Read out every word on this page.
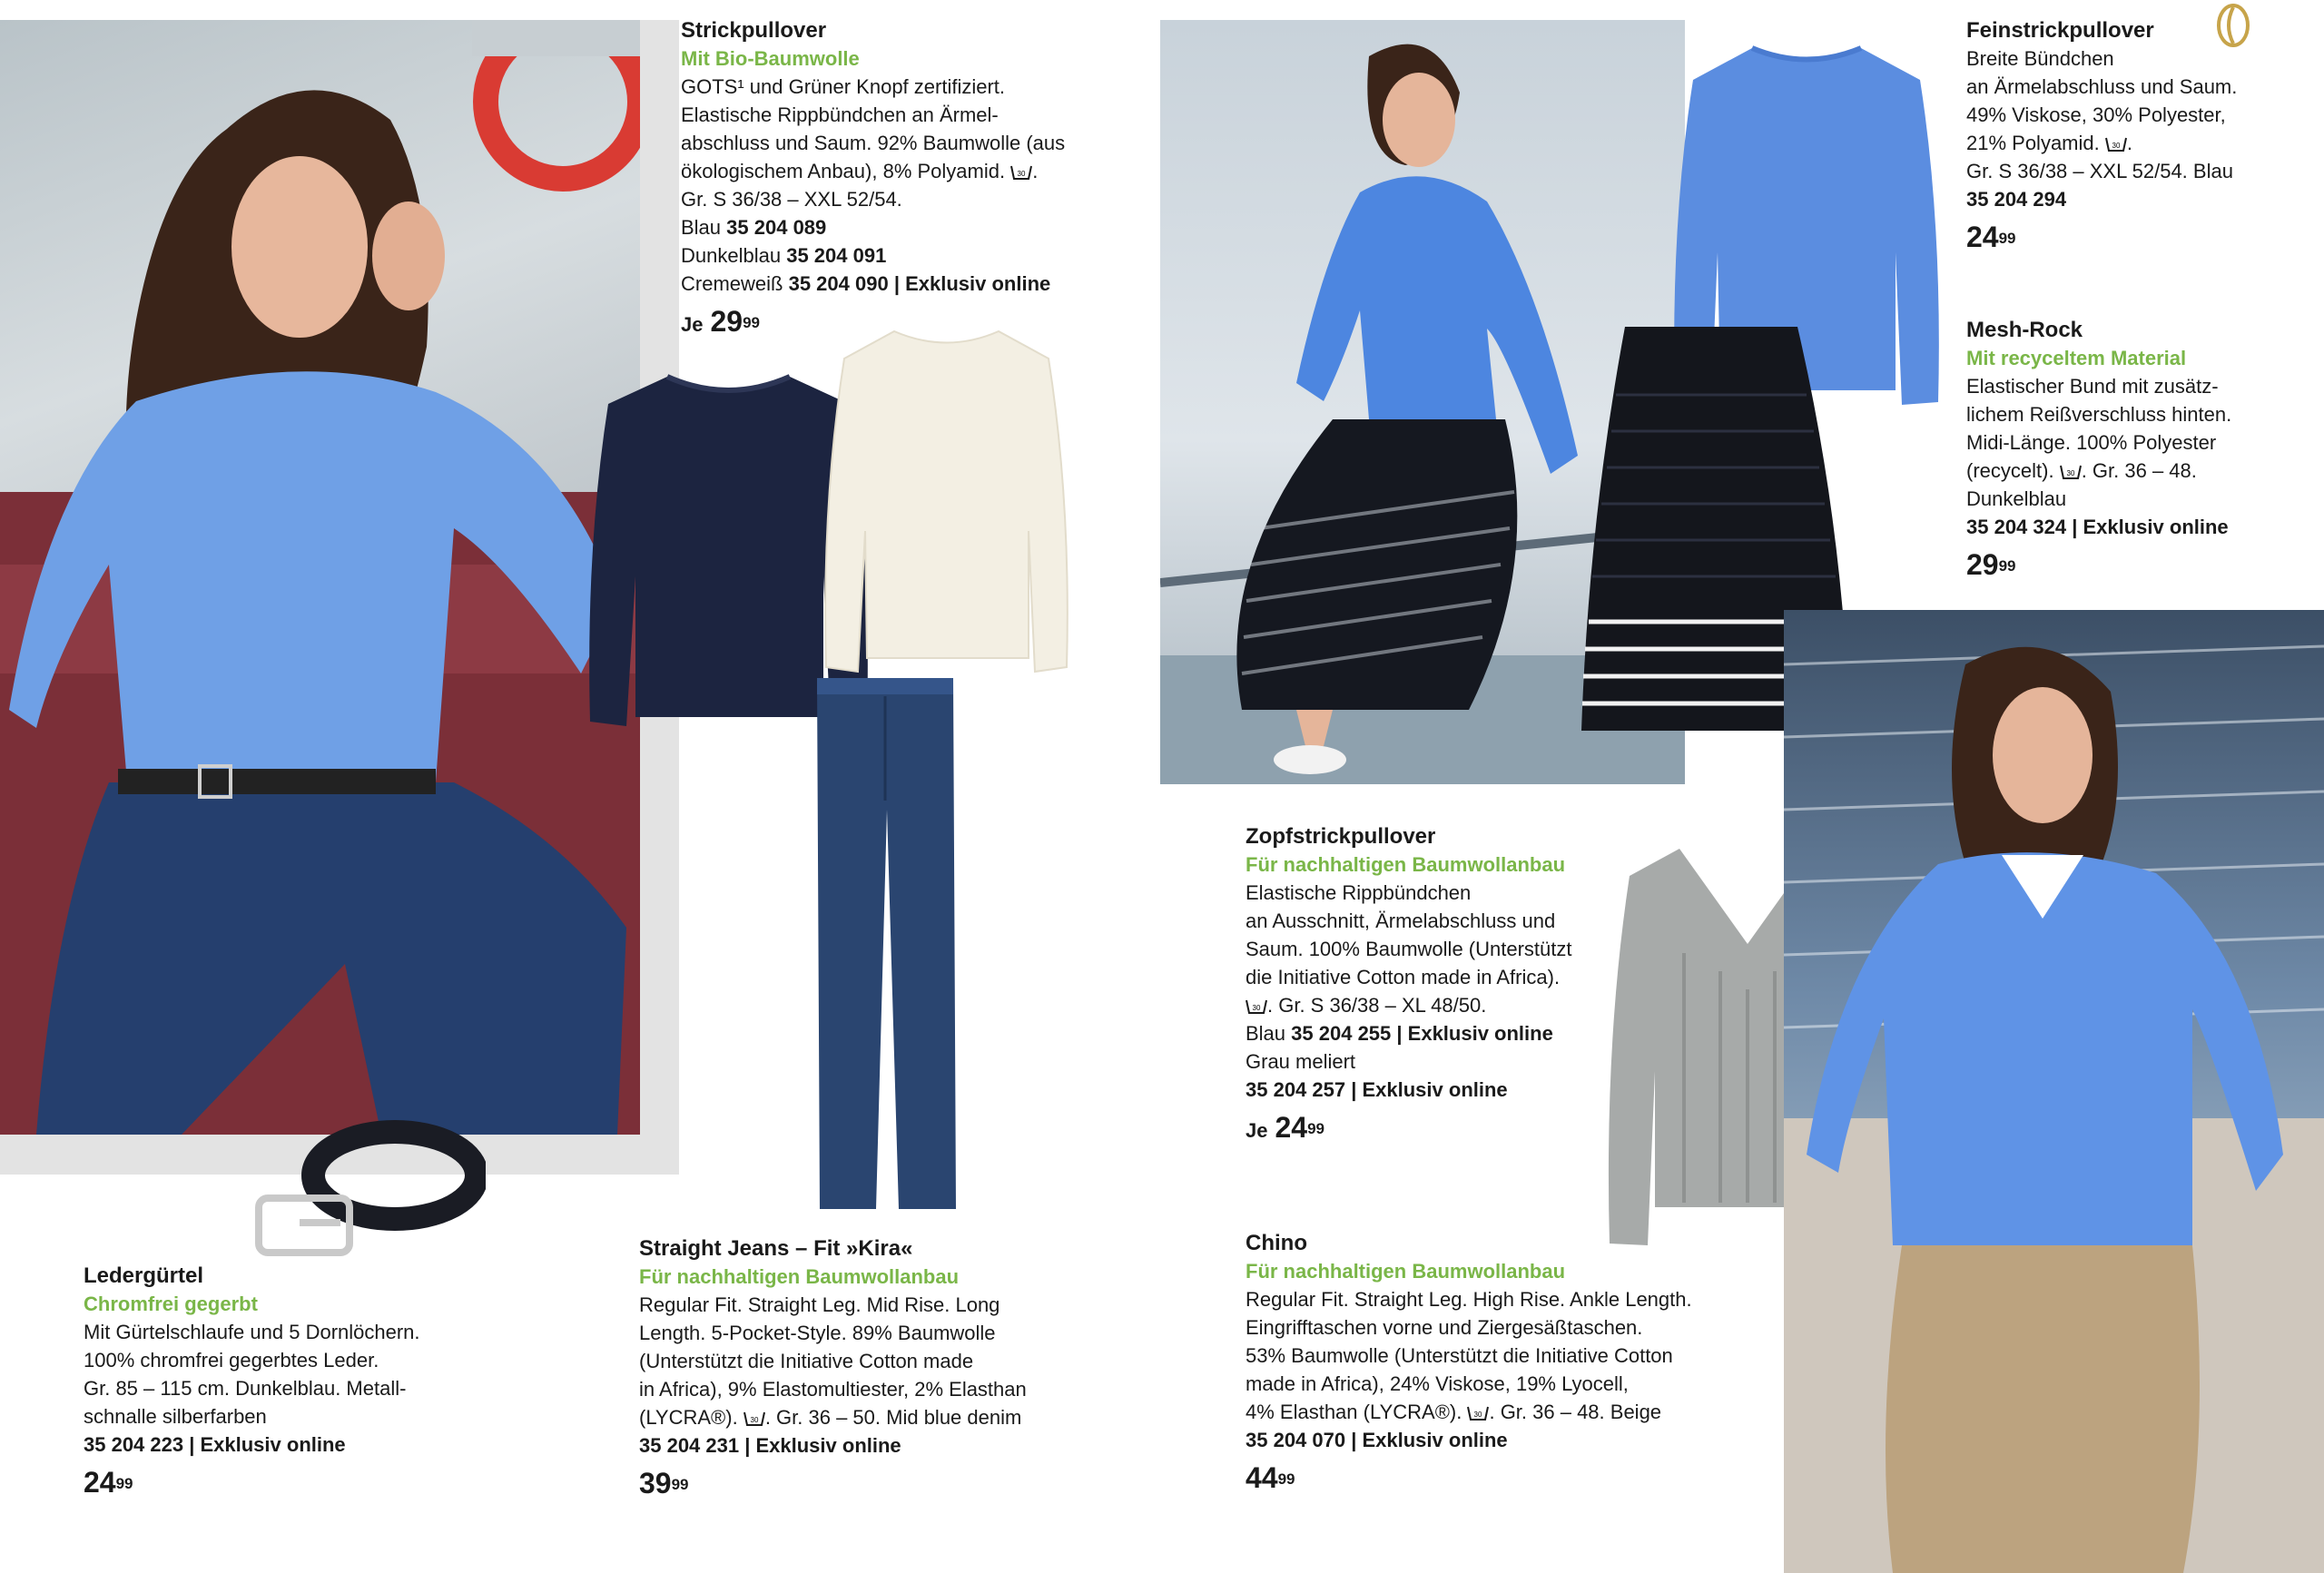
Strickpullover
Mit Bio-Baumwolle
GOTS¹ und Grüner Knopf zertifiziert.
Elastische Rippbündchen an Ärmel-
abschluss und Saum. 92% Baumwolle (aus
ökologischem Anbau), 8% Polyamid. 30 .
Gr. S 36/38 – XXL 52/54.
Blau 35 204 089
Dunkelblau 35 204 091
Cremeweiß 35 204 090 | Exklusiv online
Je $29^{99}$
Feinstrickpullover
Breite Bündchen
an Ärmelabschluss und Saum.
49% Viskose, 30% Polyester,
21% Polyamid. 30 .
Gr. S 36/38 – XXL 52/54. Blau
35 204 294
$24^{99}$
Mesh-Rock
Mit recyceltem Material
Elastischer Bund mit zusätz-
lichem Reißverschluss hinten.
Midi-Länge. 100% Polyester
(recycelt). 30 . Gr. 36 – 48.
Dunkelblau
35 204 324 | Exklusiv online
$29^{99}$
Zopfstrickpullover
Für nachhaltigen Baumwollanbau
Elastische Rippbündchen
an Ausschnitt, Ärmelabschluss und
Saum. 100% Baumwolle (Unterstützt
die Initiative Cotton made in Africa).
30 . Gr. S 36/38 – XL 48/50.
Blau 35 204 255 | Exklusiv online
Grau meliert
35 204 257 | Exklusiv online
Je $24^{99}$
Chino
Für nachhaltigen Baumwollanbau
Regular Fit. Straight Leg. High Rise. Ankle Length.
Eingrifftaschen vorne und Ziergesäßtaschen.
53% Baumwolle (Unterstützt die Initiative Cotton
made in Africa), 24% Viskose, 19% Lyocell,
4% Elasthan (LYCRA®). 30 . Gr. 36 – 48. Beige
35 204 070 | Exklusiv online
$44^{99}$
Ledergürtel
Chromfrei gegerbt
Mit Gürtelschlaufe und 5 Dornlöchern.
100% chromfrei gegerbtes Leder.
Gr. 85 – 115 cm. Dunkelblau. Metall-
schnalle silberfarben
35 204 223 | Exklusiv online
$24^{99}$
Straight Jeans – Fit »Kira«
Für nachhaltigen Baumwollanbau
Regular Fit. Straight Leg. Mid Rise. Long
Length. 5-Pocket-Style. 89% Baumwolle
(Unterstützt die Initiative Cotton made
in Africa), 9% Elastomultiester, 2% Elasthan
(LYCRA®). 30 . Gr. 36 – 50. Mid blue denim
35 204 231 | Exklusiv online
$39^{99}$
